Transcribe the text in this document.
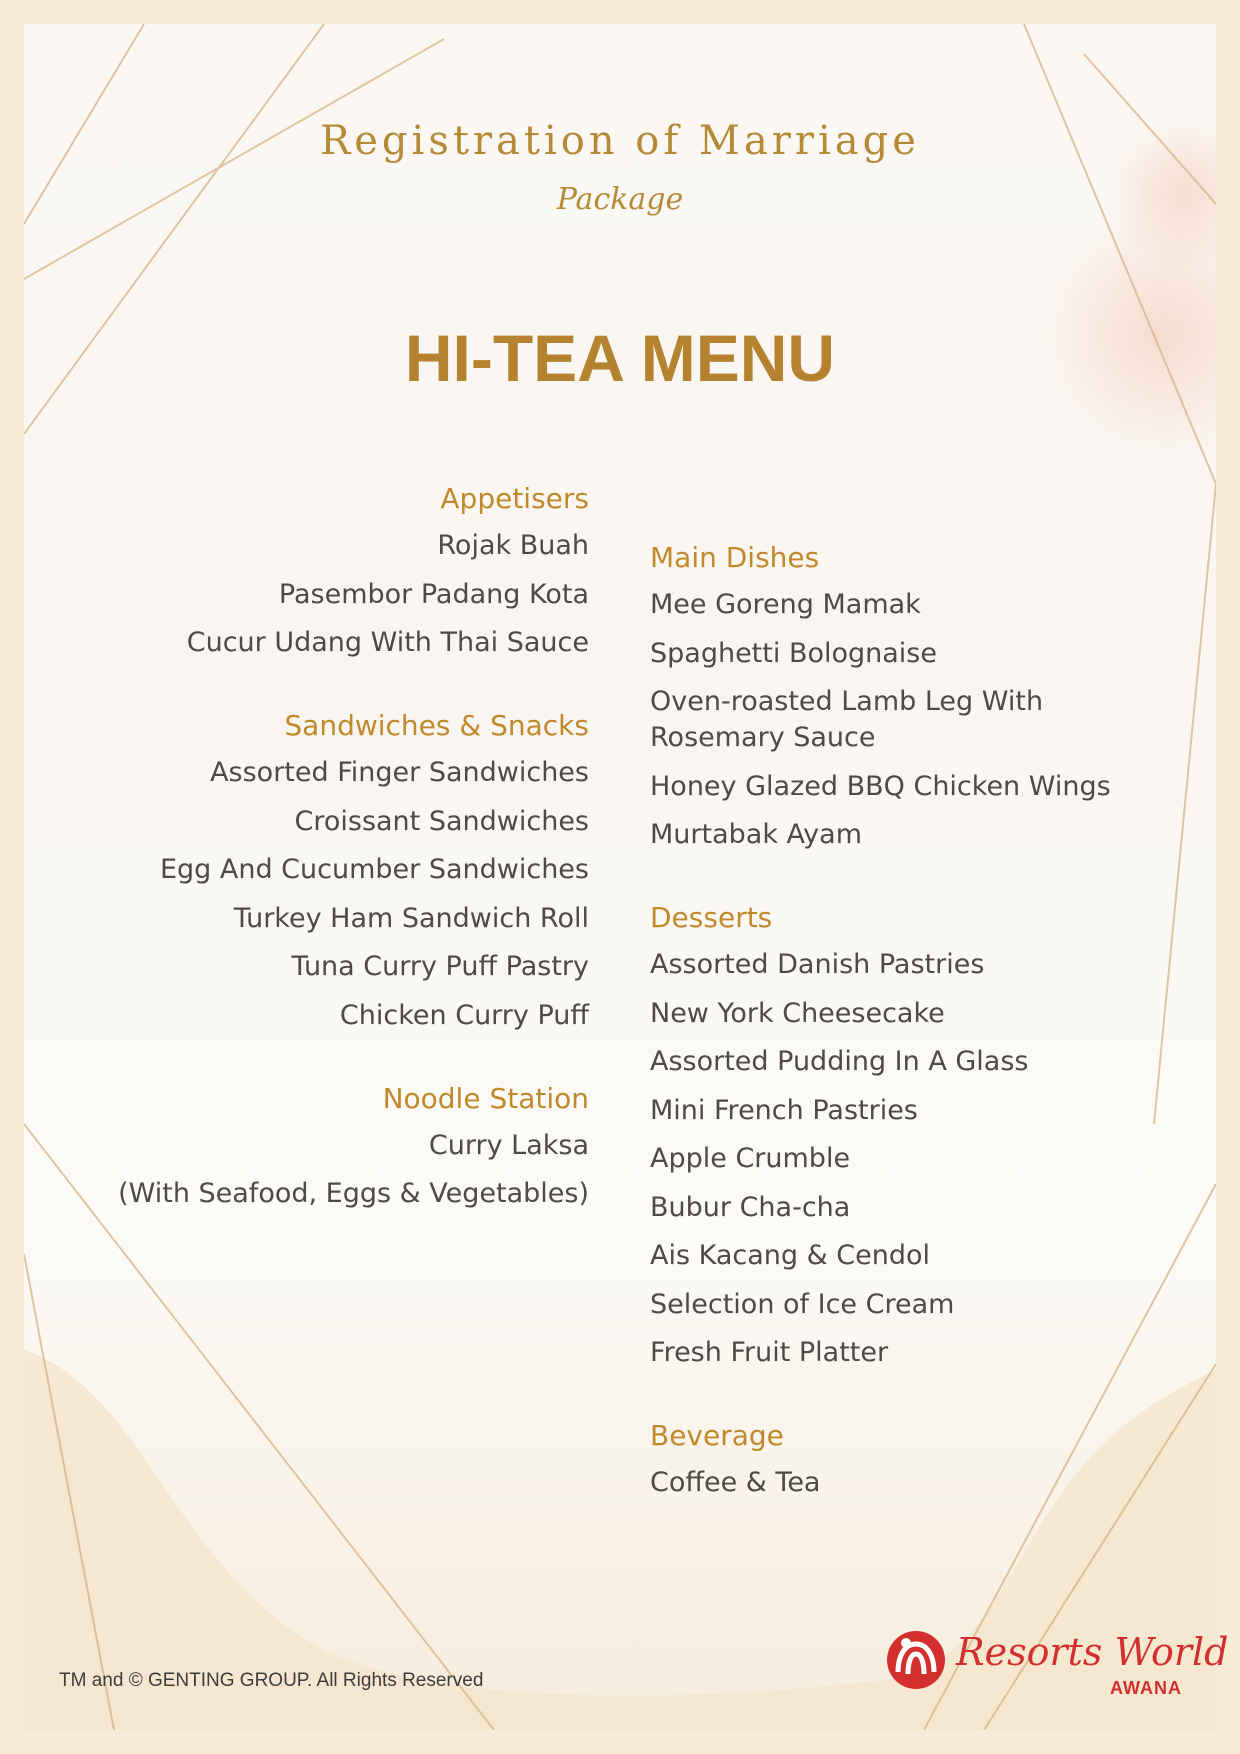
Registration of Marriage
Package
HI-TEA MENU
Appetisers
Rojak Buah
Pasembor Padang Kota
Cucur Udang With Thai Sauce
Sandwiches & Snacks
Assorted Finger Sandwiches
Croissant Sandwiches
Egg And Cucumber Sandwiches
Turkey Ham Sandwich Roll
Tuna Curry Puff Pastry
Chicken Curry Puff
Noodle Station
Curry Laksa
(With Seafood, Eggs & Vegetables)
Main Dishes
Mee Goreng Mamak
Spaghetti Bolognaise
Oven-roasted Lamb Leg With Rosemary Sauce
Honey Glazed BBQ Chicken Wings
Murtabak Ayam
Desserts
Assorted Danish Pastries
New York Cheesecake
Assorted Pudding In A Glass
Mini French Pastries
Apple Crumble
Bubur Cha-cha
Ais Kacang & Cendol
Selection of Ice Cream
Fresh Fruit Platter
Beverage
Coffee & Tea
TM and © GENTING GROUP. All Rights Reserved
Resorts World
AWANA
